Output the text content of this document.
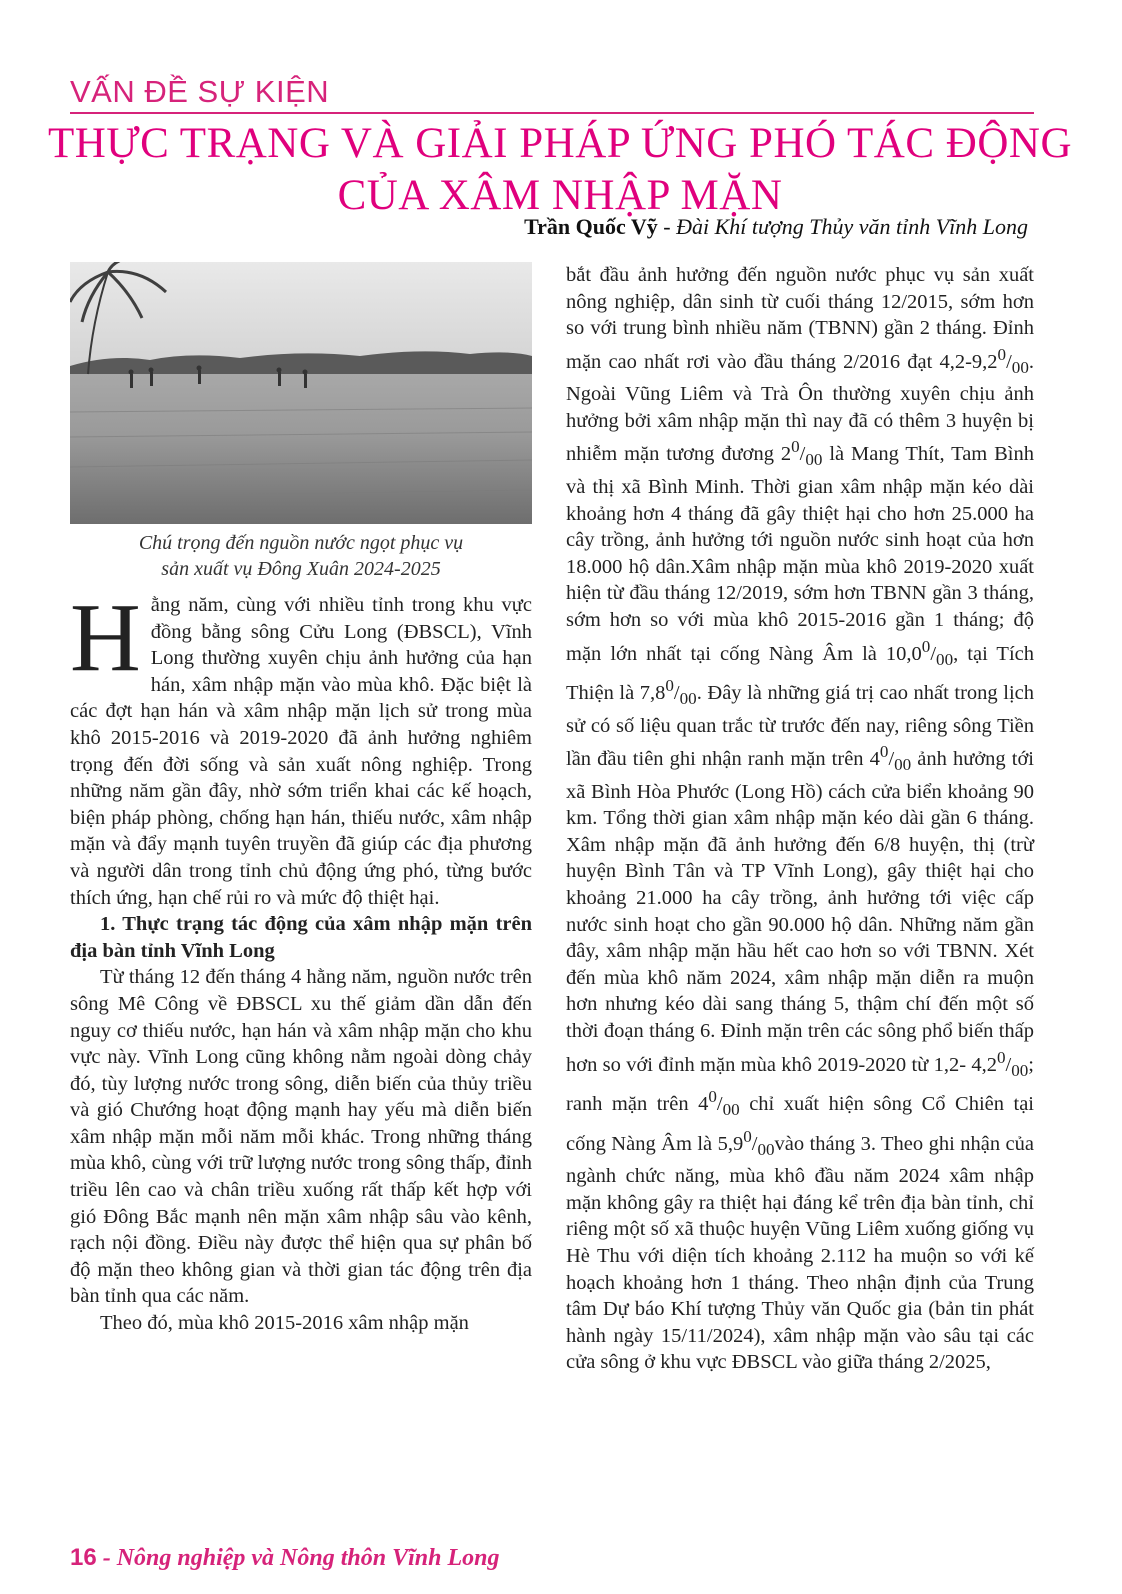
VẤN ĐỀ SỰ KIỆN
THỰC TRẠNG VÀ GIẢI PHÁP ỨNG PHÓ TÁC ĐỘNG
CỦA XÂM NHẬP MẶN
Trần Quốc Vỹ - Đài Khí tượng Thủy văn tỉnh Vĩnh Long
Chú trọng đến nguồn nước ngọt phục vụ
sản xuất vụ Đông Xuân 2024-2025

Hằng năm, cùng với nhiều tỉnh trong khu vực đồng bằng sông Cửu Long (ĐBSCL), Vĩnh Long thường xuyên chịu ảnh hưởng của hạn hán, xâm nhập mặn vào mùa khô. Đặc biệt là các đợt hạn hán và xâm nhập mặn lịch sử trong mùa khô 2015-2016 và 2019-2020 đã ảnh hưởng nghiêm trọng đến đời sống và sản xuất nông nghiệp. Trong những năm gần đây, nhờ sớm triển khai các kế hoạch, biện pháp phòng, chống hạn hán, thiếu nước, xâm nhập mặn và đẩy mạnh tuyên truyền đã giúp các địa phương và người dân trong tỉnh chủ động ứng phó, từng bước thích ứng, hạn chế rủi ro và mức độ thiệt hại.

1. Thực trạng tác động của xâm nhập mặn trên địa bàn tỉnh Vĩnh Long

Từ tháng 12 đến tháng 4 hằng năm, nguồn nước trên sông Mê Công về ĐBSCL xu thế giảm dần dẫn đến nguy cơ thiếu nước, hạn hán và xâm nhập mặn cho khu vực này. Vĩnh Long cũng không nằm ngoài dòng chảy đó, tùy lượng nước trong sông, diễn biến của thủy triều và gió Chướng hoạt động mạnh hay yếu mà diễn biến xâm nhập mặn mỗi năm mỗi khác. Trong những tháng mùa khô, cùng với trữ lượng nước trong sông thấp, đỉnh triều lên cao và chân triều xuống rất thấp kết hợp với gió Đông Bắc mạnh nên mặn xâm nhập sâu vào kênh, rạch nội đồng. Điều này được thể hiện qua sự phân bố độ mặn theo không gian và thời gian tác động trên địa bàn tỉnh qua các năm.

Theo đó, mùa khô 2015-2016 xâm nhập mặn

bắt đầu ảnh hưởng đến nguồn nước phục vụ sản xuất nông nghiệp, dân sinh từ cuối tháng 12/2015, sớm hơn so với trung bình nhiều năm (TBNN) gần 2 tháng. Đỉnh mặn cao nhất rơi vào đầu tháng 2/2016 đạt $4,2-9,2^0/_{00}$. Ngoài Vũng Liêm và Trà Ôn thường xuyên chịu ảnh hưởng bởi xâm nhập mặn thì nay đã có thêm 3 huyện bị nhiễm mặn tương đương $2^0/_{00}$ là Mang Thít, Tam Bình và thị xã Bình Minh. Thời gian xâm nhập mặn kéo dài khoảng hơn 4 tháng đã gây thiệt hại cho hơn 25.000 ha cây trồng, ảnh hưởng tới nguồn nước sinh hoạt của hơn 18.000 hộ dân.Xâm nhập mặn mùa khô 2019-2020 xuất hiện từ đầu tháng 12/2019, sớm hơn TBNN gần 3 tháng, sớm hơn so với mùa khô 2015-2016 gần 1 tháng; độ mặn lớn nhất tại cống Nàng Âm là $10,0^0/_{00}$, tại Tích Thiện là $7,8^0/_{00}$. Đây là những giá trị cao nhất trong lịch sử có số liệu quan trắc từ trước đến nay, riêng sông Tiền lần đầu tiên ghi nhận ranh mặn trên $4^0/_{00}$ ảnh hưởng tới xã Bình Hòa Phước (Long Hồ) cách cửa biển khoảng 90 km. Tổng thời gian xâm nhập mặn kéo dài gần 6 tháng. Xâm nhập mặn đã ảnh hưởng đến 6/8 huyện, thị (trừ huyện Bình Tân và TP Vĩnh Long), gây thiệt hại cho khoảng 21.000 ha cây trồng, ảnh hưởng tới việc cấp nước sinh hoạt cho gần 90.000 hộ dân. Những năm gần đây, xâm nhập mặn hầu hết cao hơn so với TBNN. Xét đến mùa khô năm 2024, xâm nhập mặn diễn ra muộn hơn nhưng kéo dài sang tháng 5, thậm chí đến một số thời đoạn tháng 6. Đỉnh mặn trên các sông phổ biến thấp hơn so với đỉnh mặn mùa khô 2019-2020 từ 1,2- $4,2^0/_{00}$; ranh mặn trên $4^0/_{00}$ chỉ xuất hiện sông Cổ Chiên tại cống Nàng Âm là $5,9^0/_{00}vào$ tháng 3. Theo ghi nhận của ngành chức năng, mùa khô đầu năm 2024 xâm nhập mặn không gây ra thiệt hại đáng kể trên địa bàn tỉnh, chỉ riêng một số xã thuộc huyện Vũng Liêm xuống giống vụ Hè Thu với diện tích khoảng 2.112 ha muộn so với kế hoạch khoảng hơn 1 tháng. Theo nhận định của Trung tâm Dự báo Khí tượng Thủy văn Quốc gia (bản tin phát hành ngày 15/11/2024), xâm nhập mặn vào sâu tại các cửa sông ở khu vực ĐBSCL vào giữa tháng 2/2025,

16 - Nông nghiệp và Nông thôn Vĩnh Long
